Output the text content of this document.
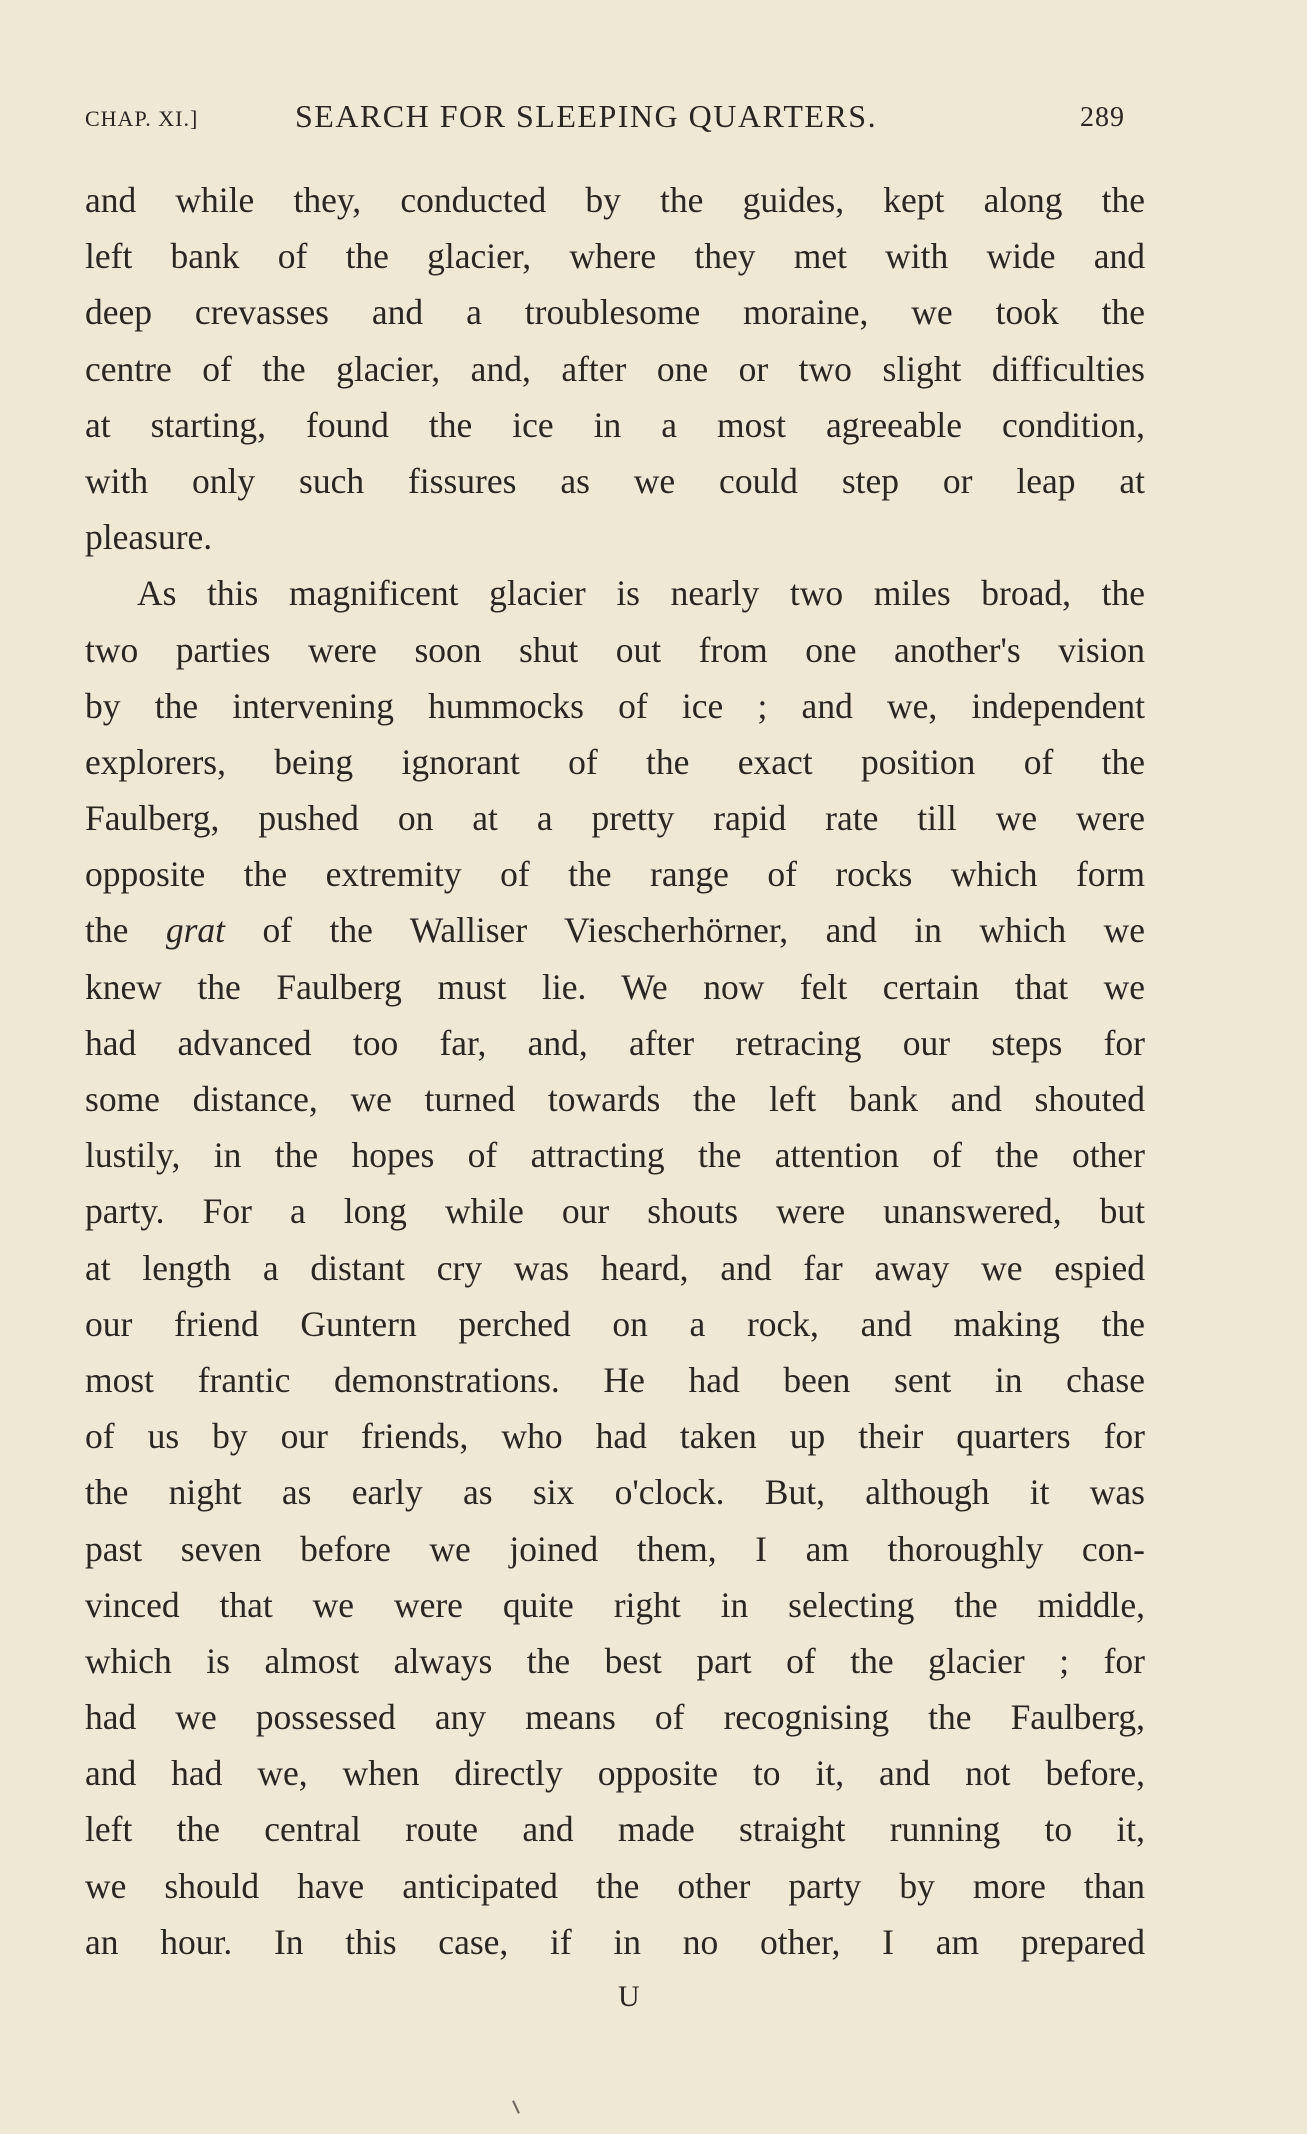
CHAP. XI.]	SEARCH FOR SLEEPING QUARTERS.	289
and while they, conducted by the guides, kept along the
left bank of the glacier, where they met with wide and
deep crevasses and a troublesome moraine, we took the
centre of the glacier, and, after one or two slight difficulties
at starting, found the ice in a most agreeable condition,
with only such fissures as we could step or leap at
pleasure.
As this magnificent glacier is nearly two miles broad, the
two parties were soon shut out from one another's vision
by the intervening hummocks of ice ; and we, independent
explorers, being ignorant of the exact position of the
Faulberg, pushed on at a pretty rapid rate till we were
opposite the extremity of the range of rocks which form
the grat of the Walliser Viescherhörner, and in which we
knew the Faulberg must lie. We now felt certain that we
had advanced too far, and, after retracing our steps for
some distance, we turned towards the left bank and shouted
lustily, in the hopes of attracting the attention of the other
party. For a long while our shouts were unanswered, but
at length a distant cry was heard, and far away we espied
our friend Guntern perched on a rock, and making the
most frantic demonstrations. He had been sent in chase
of us by our friends, who had taken up their quarters for
the night as early as six o'clock. But, although it was
past seven before we joined them, I am thoroughly con-
vinced that we were quite right in selecting the middle,
which is almost always the best part of the glacier ; for
had we possessed any means of recognising the Faulberg,
and had we, when directly opposite to it, and not before,
left the central route and made straight running to it,
we should have anticipated the other party by more than
an hour. In this case, if in no other, I am prepared
U
